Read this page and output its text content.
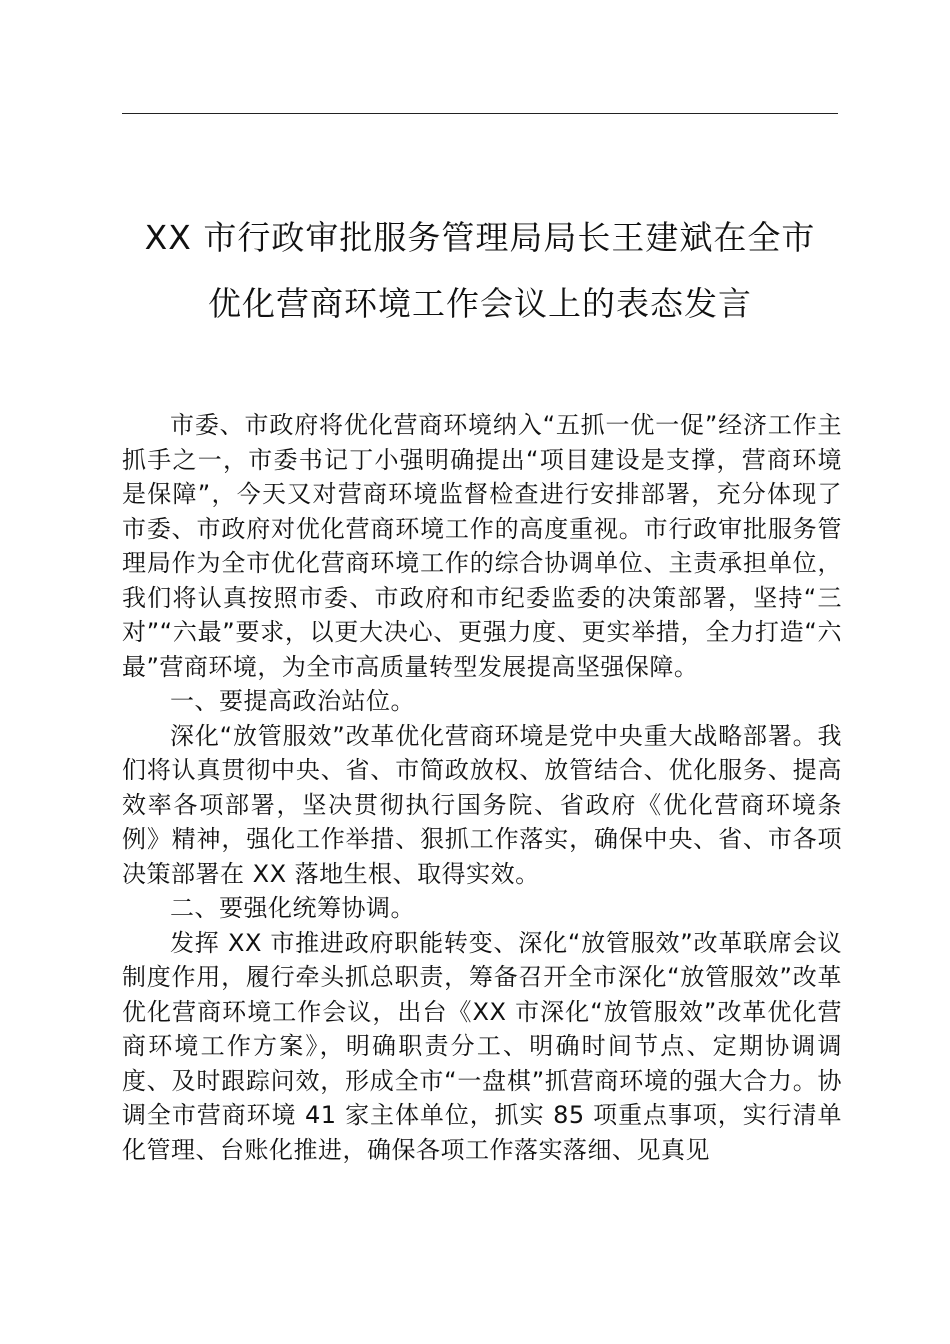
XX 市行政审批服务管理局局长王建斌在全市
优化营商环境工作会议上的表态发言

市委、市政府将优化营商环境纳入“五抓一优一促”经济工作主抓手之一，市委书记丁小强明确提出“项目建设是支撑，营商环境是保障”，今天又对营商环境监督检查进行安排部署，充分体现了市委、市政府对优化营商环境工作的高度重视。市行政审批服务管理局作为全市优化营商环境工作的综合协调单位、主责承担单位，我们将认真按照市委、市政府和市纪委监委的决策部署，坚持“三对”“六最”要求，以更大决心、更强力度、更实举措，全力打造“六最”营商环境，为全市高质量转型发展提高坚强保障。

一、要提高政治站位。

深化“放管服效”改革优化营商环境是党中央重大战略部署。我们将认真贯彻中央、省、市简政放权、放管结合、优化服务、提高效率各项部署，坚决贯彻执行国务院、省政府《优化营商环境条例》精神，强化工作举措、狠抓工作落实，确保中央、省、市各项决策部署在 XX 落地生根、取得实效。

二、要强化统筹协调。

发挥 XX 市推进政府职能转变、深化“放管服效”改革联席会议制度作用，履行牵头抓总职责，筹备召开全市深化“放管服效”改革优化营商环境工作会议，出台《XX 市深化“放管服效”改革优化营商环境工作方案》，明确职责分工、明确时间节点、定期协调调度、及时跟踪问效，形成全市“一盘棋”抓营商环境的强大合力。协调全市营商环境 41 家主体单位，抓实 85 项重点事项，实行清单化管理、台账化推进，确保各项工作落实落细、见真见
